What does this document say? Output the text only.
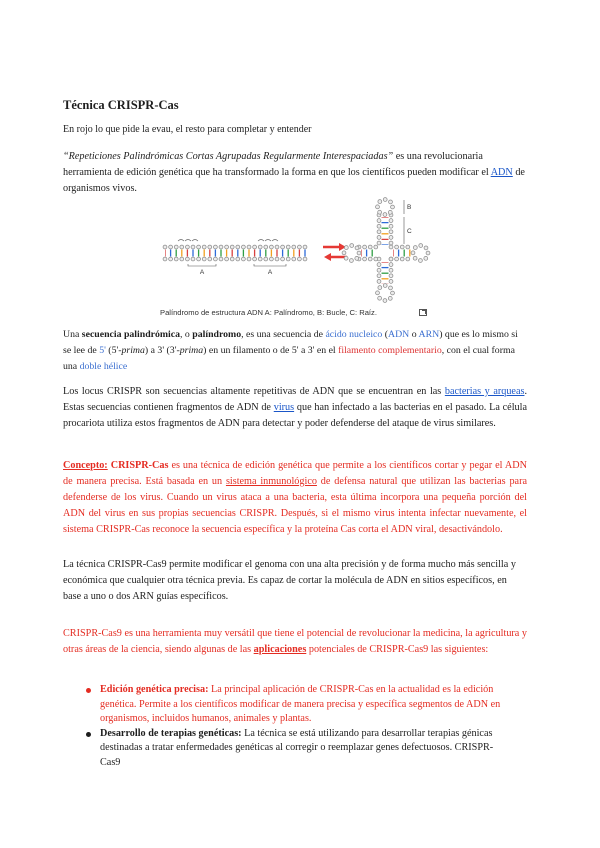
Técnica CRISPR-Cas

En rojo lo que pide la evau, el resto para completar y entender

“Repeticiones Palindrómicas Cortas Agrupadas Regularmente Interespaciadas” es una revolucionaria herramienta de edición genética que ha transformado la forma en que los científicos pueden modificar el ADN de organismos vivos.

A	A
B
C
Palíndromo de estructura ADN A: Palíndromo, B: Bucle, C: Raíz.

Una secuencia palindrómica, o palíndromo, es una secuencia de ácido nucleico (ADN o ARN) que es lo mismo si se lee de 5' (5'-prima) a 3' (3'-prima) en un filamento o de 5' a 3' en el filamento complementario, con el cual forma una doble hélice

Los locus CRISPR son secuencias altamente repetitivas de ADN que se encuentran en las bacterias y arqueas. Estas secuencias contienen fragmentos de ADN de virus que han infectado a las bacterias en el pasado. La célula procariota utiliza estos fragmentos de ADN para detectar y poder defenderse del ataque de virus similares.

Concepto: CRISPR-Cas es una técnica de edición genética que permite a los científicos cortar y pegar el ADN de manera precisa. Está basada en un sistema inmunológico de defensa natural que utilizan las bacterias para defenderse de los virus. Cuando un virus ataca a una bacteria, esta última incorpora una pequeña porción del ADN del virus en sus propias secuencias CRISPR. Después, si el mismo virus intenta infectar nuevamente, el sistema CRISPR-Cas reconoce la secuencia específica y la proteína Cas corta el ADN viral, desactivándolo.

La técnica CRISPR-Cas9 permite modificar el genoma con una alta precisión y de forma mucho más sencilla y económica que cualquier otra técnica previa. Es capaz de cortar la molécula de ADN en sitios específicos, en base a uno o dos ARN guías específicos.

CRISPR-Cas9 es una herramienta muy versátil que tiene el potencial de revolucionar la medicina, la agricultura y otras áreas de la ciencia, siendo algunas de las aplicaciones potenciales de CRISPR-Cas9 las siguientes:

Edición genética precisa: La principal aplicación de CRISPR-Cas en la actualidad es la edición genética. Permite a los científicos modificar de manera precisa y específica segmentos de ADN en organismos, incluidos humanos, animales y plantas.
Desarrollo de terapias genéticas: La técnica se está utilizando para desarrollar terapias génicas destinadas a tratar enfermedades genéticas al corregir o reemplazar genes defectuosos. CRISPR-Cas9
